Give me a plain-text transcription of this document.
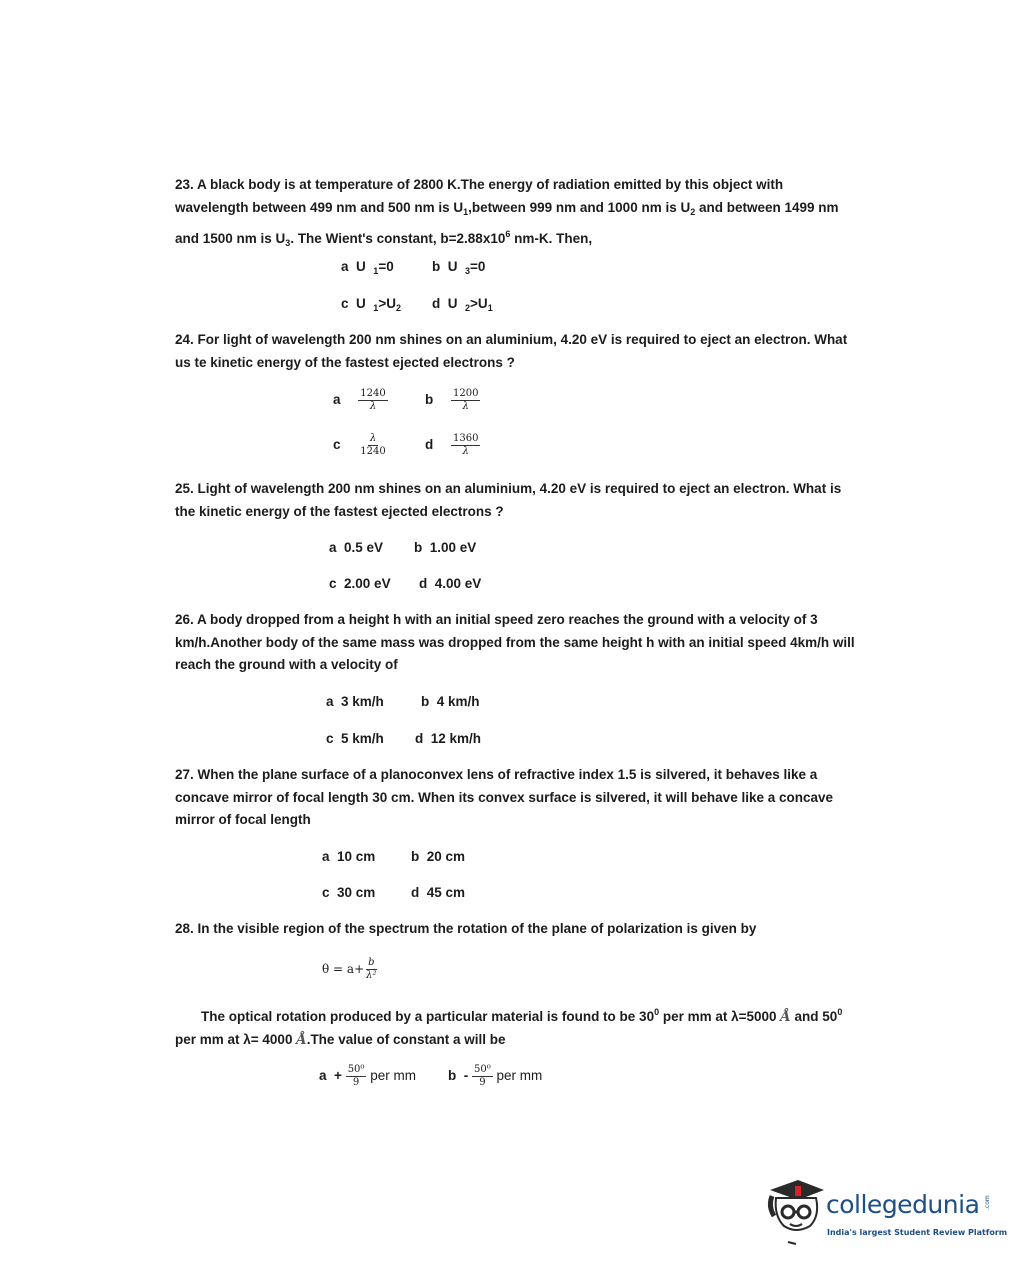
23. A black body is at temperature of 2800 K.The energy of radiation emitted by this object with wavelength between 499 nm and 500 nm is $U_1,between$ 999 nm and 1000 nm is $U_2$ and between 1499 nm and 1500 nm is $U_3$. The Wient's constant, $b=2.88x10^6$ nm-K. Then,
a U $_1$=0	b U $_3$=0
c U $_1>U_2$ d U $_2>U_1$
24. For light of wavelength 200 nm shines on an aluminium, 4.20 eV is required to eject an electron. What us te kinetic energy of the fastest ejected electrons ?
a $\frac{1240}{\lambda}$	b $\frac{1200}{\lambda}$
c $\frac{\lambda}{1240}$	d $\frac{1360}{\lambda}$
25. Light of wavelength 200 nm shines on an aluminium, 4.20 eV is required to eject an electron. What is the kinetic energy of the fastest ejected electrons ?
a 0.5 eV b 1.00 eV
c 2.00 eV d 4.00 eV
26. A body dropped from a height h with an initial speed zero reaches the ground with a velocity of 3 km/h.Another body of the same mass was dropped from the same height h with an initial speed 4km/h will reach the ground with a velocity of
a 3 km/h	b 4 km/h
c 5 km/h d 12 km/h
27. When the plane surface of a planoconvex lens of refractive index 1.5 is silvered, it behaves like a concave mirror of focal length 30 cm. When its convex surface is silvered, it will behave like a concave mirror of focal length
a 10 cm	b 20 cm
c 30 cm	d 45 cm
28. In the visible region of the spectrum the rotation of the plane of polarization is given by
$\theta = a+ \frac{b}{\text{λ²}}$
The optical rotation produced by a particular material is found to be $30^0$ per mm at λ=5000 Å and $50^0$ per mm at λ= 4000 Å.The value of constant a will be
$a + \frac{\text{50⁰}}{9}$ per mm b - $\frac{\text{50⁰}}{9}$ per mm
collegedunia .com
India's largest Student Review Platform
